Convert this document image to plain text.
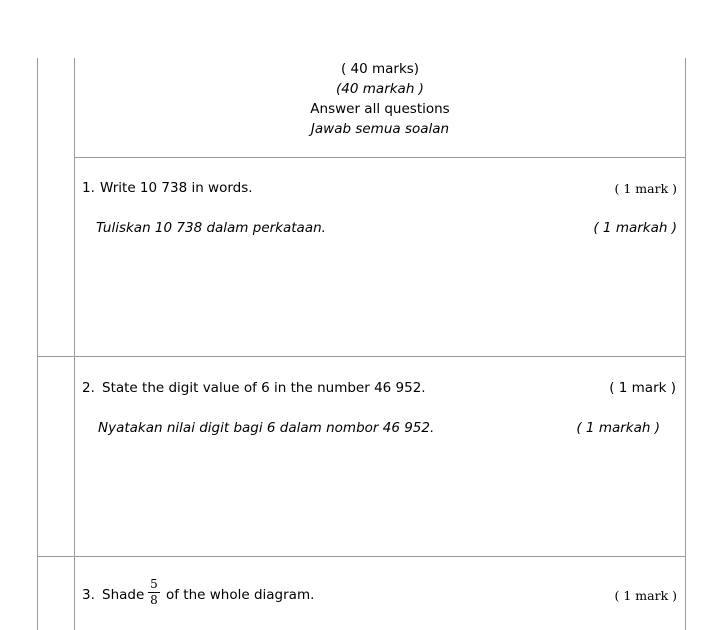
( 40 marks)
(40 markah )
Answer all questions
Jawab semua soalan
1. Write 10 738 in words.	( 1 mark )
Tuliskan 10 738 dalam perkataan.	( 1 markah )
2. State the digit value of 6 in the number 46 952.	( 1 mark )
Nyatakan nilai digit bagi 6 dalam nombor 46 952.	( 1 markah )
3. Shade
5
8 of the whole diagram.	( 1 mark )
